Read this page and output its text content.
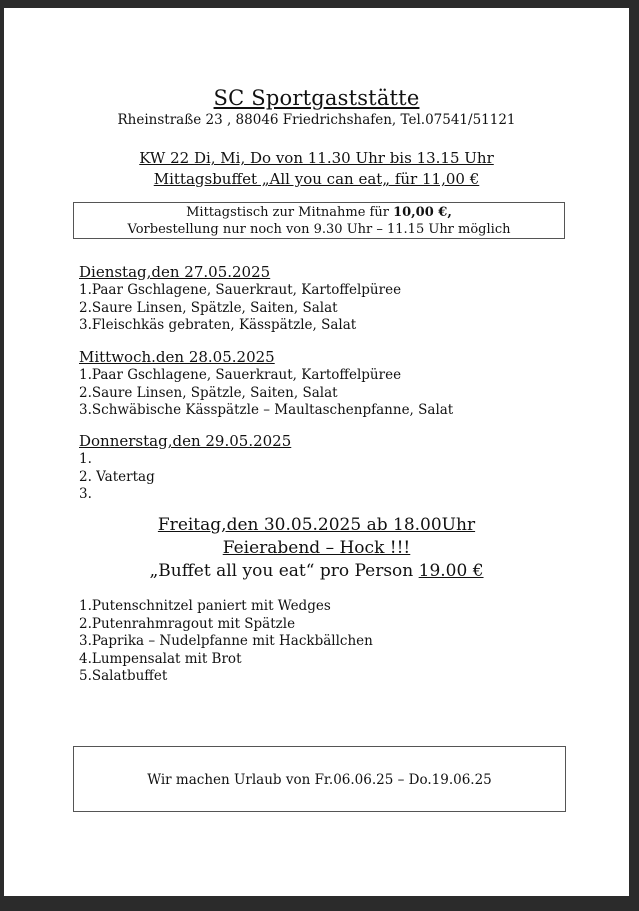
SC Sportgaststätte
Rheinstraße 23 , 88046 Friedrichshafen, Tel.07541/51121
KW 22 Di, Mi, Do von 11.30 Uhr bis 13.15 Uhr
Mittagsbuffet „All you can eat„ für 11,00 €
Mittagstisch zur Mitnahme für 10,00 €,
Vorbestellung nur noch von 9.30 Uhr – 11.15 Uhr möglich
Dienstag,den 27.05.2025
1.Paar Gschlagene, Sauerkraut, Kartoffelpüree
2.Saure Linsen, Spätzle, Saiten, Salat
3.Fleischkäs gebraten, Kässpätzle, Salat
Mittwoch.den 28.05.2025
1.Paar Gschlagene, Sauerkraut, Kartoffelpüree
2.Saure Linsen, Spätzle, Saiten, Salat
3.Schwäbische Kässpätzle – Maultaschenpfanne, Salat
Donnerstag,den 29.05.2025
1.
2. Vatertag
3.
Freitag,den 30.05.2025 ab 18.00Uhr
Feierabend – Hock !!!
„Buffet all you eat“ pro Person 19.00 €
1.Putenschnitzel paniert mit Wedges
2.Putenrahmragout mit Spätzle
3.Paprika – Nudelpfanne mit Hackbällchen
4.Lumpensalat mit Brot
5.Salatbuffet
Wir machen Urlaub von Fr.06.06.25 – Do.19.06.25
